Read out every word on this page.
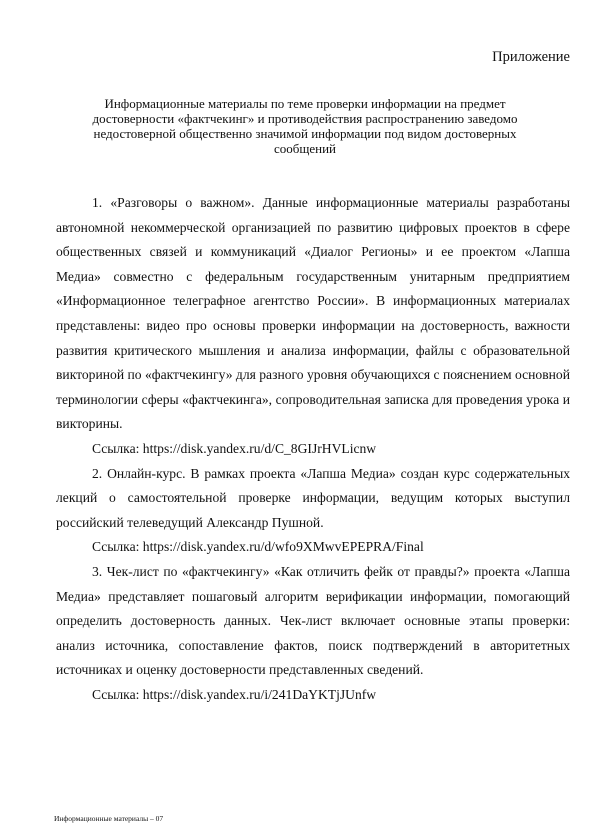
Приложение
Информационные материалы по теме проверки информации на предмет
достоверности «фактчекинг» и противодействия распространению заведомо
недостоверной общественно значимой информации под видом достоверных
сообщений

1. «Разговоры о важном». Данные информационные материалы разработаны автономной некоммерческой организацией по развитию цифровых проектов в сфере общественных связей и коммуникаций «Диалог Регионы» и ее проектом «Лапша Медиа» совместно с федеральным государственным унитарным предприятием «Информационное телеграфное агентство России». В информационных материалах представлены: видео про основы проверки информации на достоверность, важности развития критического мышления и анализа информации, файлы с образовательной викториной по «фактчекингу» для разного уровня обучающихся с пояснением основной терминологии сферы «фактчекинга», сопроводительная записка для проведения урока и викторины.

Ссылка: https://disk.yandex.ru/d/C_8GIJrHVLicnw

2. Онлайн-курс. В рамках проекта «Лапша Медиа» создан курс содержательных лекций о самостоятельной проверке информации, ведущим которых выступил российский телеведущий Александр Пушной.

Ссылка: https://disk.yandex.ru/d/wfo9XMwvEPEPRA/Final

3. Чек-лист по «фактчекингу» «Как отличить фейк от правды?» проекта «Лапша Медиа» представляет пошаговый алгоритм верификации информации, помогающий определить достоверность данных. Чек-лист включает основные этапы проверки: анализ источника, сопоставление фактов, поиск подтверждений в авторитетных источниках и оценку достоверности представленных сведений.

Ссылка: https://disk.yandex.ru/i/241DaYKTjJUnfw

Информационные материалы – 07
